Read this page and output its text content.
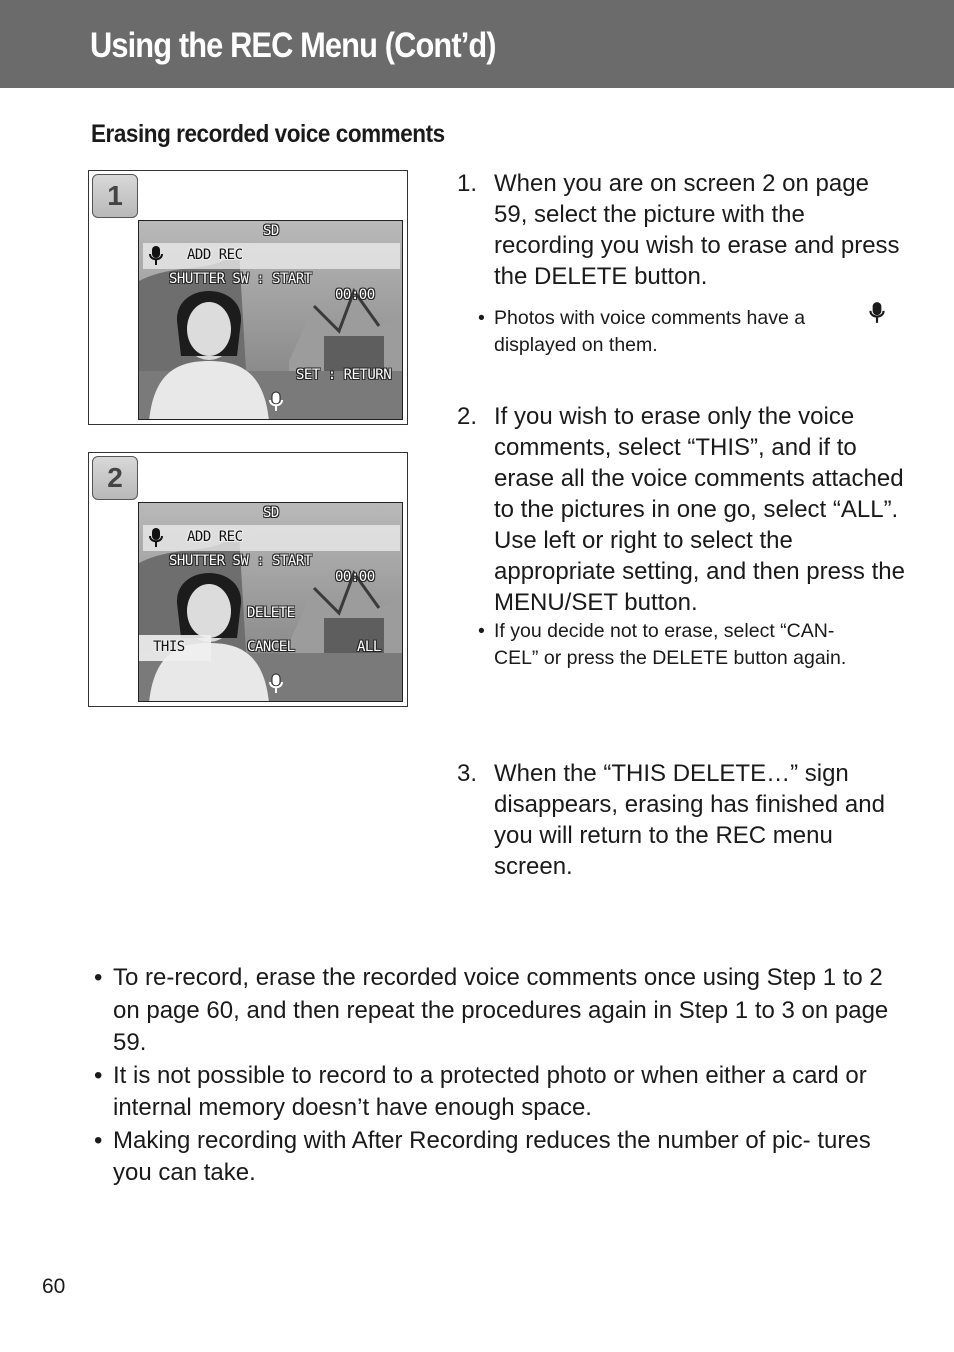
Using the REC Menu (Cont’d)
Erasing recorded voice comments
1
SD
ADD REC
SHUTTER SW : START
00:00
SET : RETURN
2
SD
ADD REC
SHUTTER SW : START
00:00
DELETE
THIS	CANCEL	ALL
1. When you are on screen 2 on page 59, select the picture with the recording you wish to erase and press the DELETE button.
• Photos with voice comments have a
displayed on them.
2. If you wish to erase only the voice comments, select “THIS”, and if to erase all the voice comments attached to the pictures in one go, select “ALL”. Use left or right to select the appropriate setting, and then press the MENU/SET button.
• If you decide not to erase, select “CAN-
CEL” or press the DELETE button again.
3. When the “THIS DELETE…” sign disappears, erasing has finished and you will return to the REC menu screen.
• To re-record, erase the recorded voice comments once using Step 1 to 2 on page 60, and then repeat the procedures again in Step 1 to 3 on page 59.
• It is not possible to record to a protected photo or when either a card or internal memory doesn’t have enough space.
• Making recording with After Recording reduces the number of pic- tures you can take.
60
